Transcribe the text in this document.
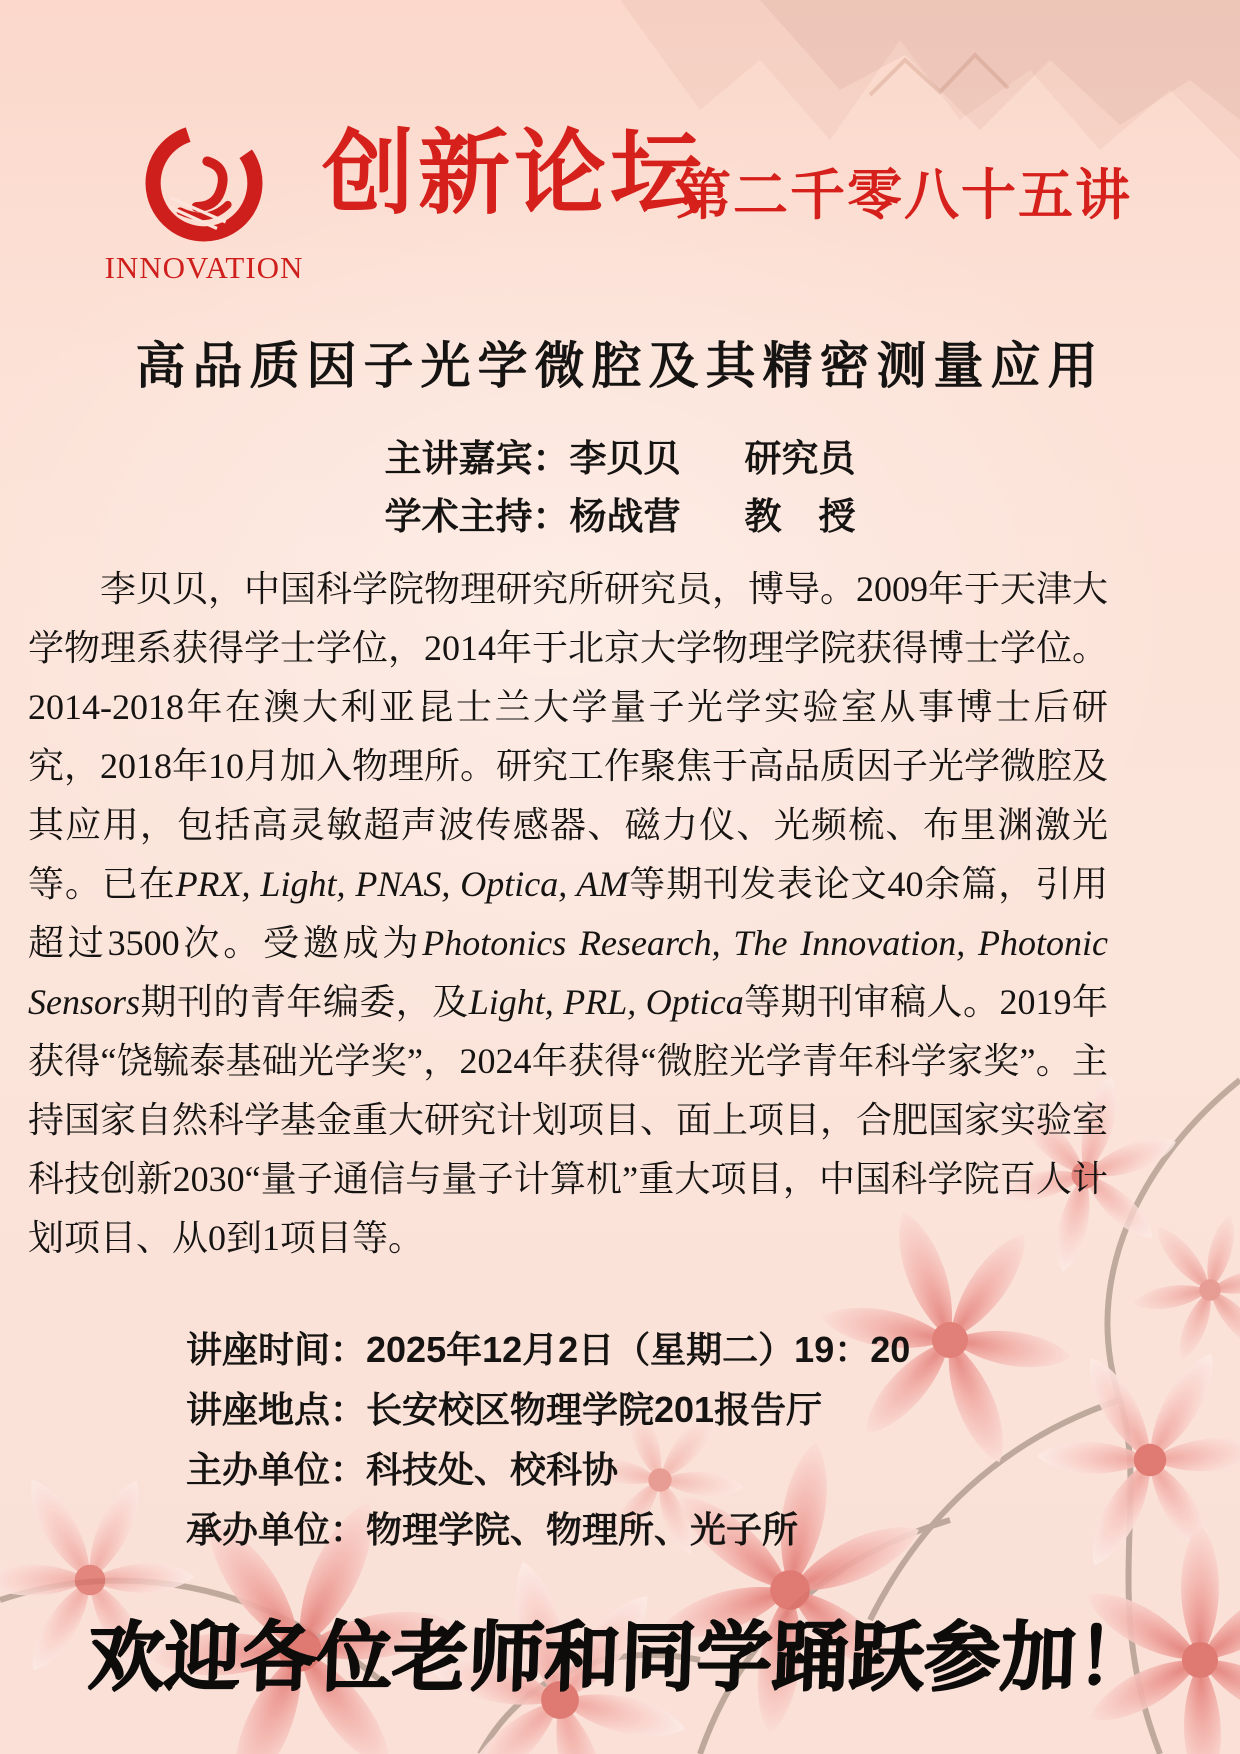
INNOVATION
创新论坛
第二千零八十五讲
高品质因子光学微腔及其精密测量应用
主讲嘉宾：李贝贝 研究员
学术主持：杨战营 教　授

李贝贝，中国科学院物理研究所研究员，博导。2009年于天津大学物理系获得学士学位，2014年于北京大学物理学院获得博士学位。2014-2018年在澳大利亚昆士兰大学量子光学实验室从事博士后研究，2018年10月加入物理所。研究工作聚焦于高品质因子光学微腔及其应用，包括高灵敏超声波传感器、磁力仪、光频梳、布里渊激光等。已在PRX, Light, PNAS, Optica, AM等期刊发表论文40余篇，引用超过3500次。受邀成为Photonics Research, The Innovation, Photonic Sensors期刊的青年编委，及Light, PRL, Optica等期刊审稿人。2019年获得“饶毓泰基础光学奖”，2024年获得“微腔光学青年科学家奖”。主持国家自然科学基金重大研究计划项目、面上项目，合肥国家实验室科技创新2030“量子通信与量子计算机”重大项目，中国科学院百人计划项目、从0到1项目等。

讲座时间：2025年12月2日（星期二）19：20
讲座地点：长安校区物理学院201报告厅
主办单位：科技处、校科协
承办单位：物理学院、物理所、光子所
欢迎各位老师和同学踊跃参加！
